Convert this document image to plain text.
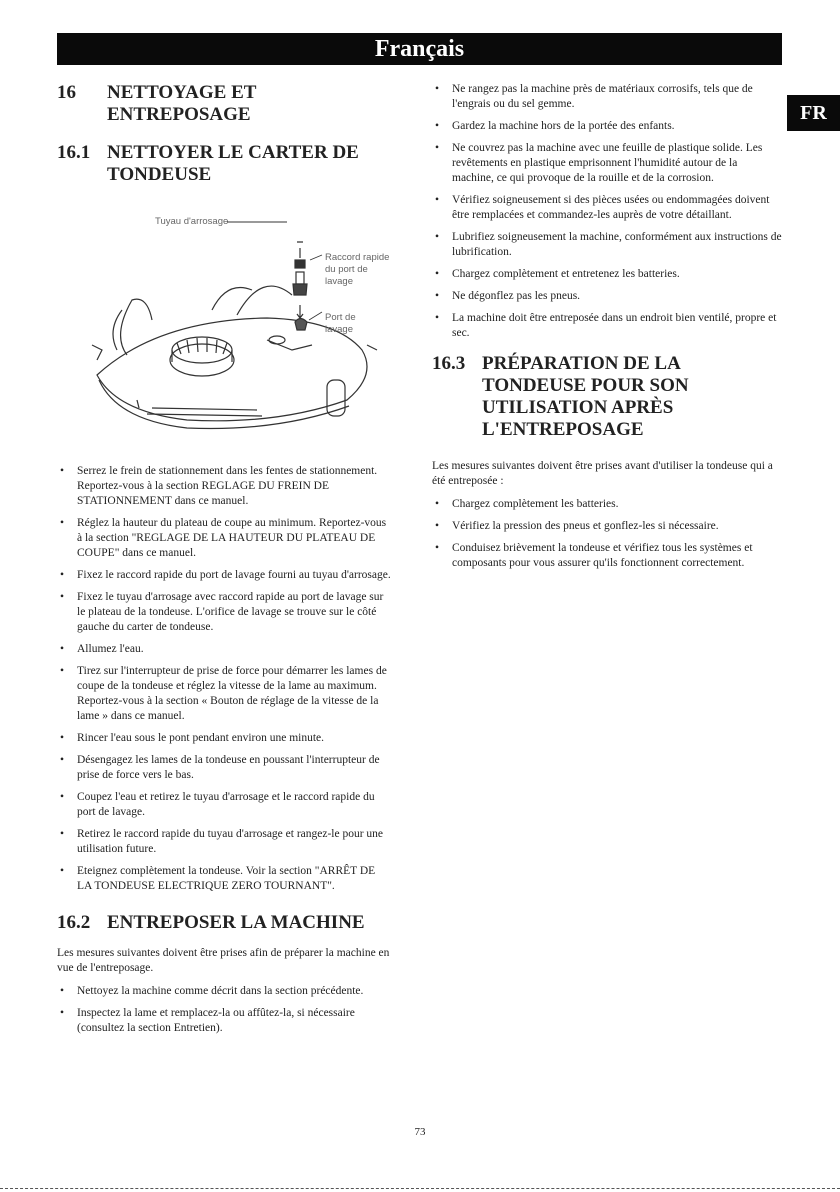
Français
FR
16	NETTOYAGE ET ENTREPOSAGE
16.1 NETTOYER LE CARTER DE TONDEUSE
Tuyau d'arrosage
Raccord rapide du port de lavage
Port de lavage
• Serrez le frein de stationnement dans les fentes de stationnement. Reportez-vous à la section REGLAGE DU FREIN DE STATIONNEMENT dans ce manuel.
• Réglez la hauteur du plateau de coupe au minimum. Reportez-vous à la section "REGLAGE DE LA HAUTEUR DU PLATEAU DE COUPE" dans ce manuel.
• Fixez le raccord rapide du port de lavage fourni au tuyau d'arrosage.
• Fixez le tuyau d'arrosage avec raccord rapide au port de lavage sur le plateau de la tondeuse. L'orifice de lavage se trouve sur le côté gauche du carter de tondeuse.
• Allumez l'eau.
• Tirez sur l'interrupteur de prise de force pour démarrer les lames de coupe de la tondeuse et réglez la vitesse de la lame au maximum. Reportez-vous à la section « Bouton de réglage de la vitesse de la lame » dans ce manuel.
• Rincer l'eau sous le pont pendant environ une minute.
• Désengagez les lames de la tondeuse en poussant l'interrupteur de prise de force vers le bas.
• Coupez l'eau et retirez le tuyau d'arrosage et le raccord rapide du port de lavage.
• Retirez le raccord rapide du tuyau d'arrosage et rangez-le pour une utilisation future.
• Eteignez complètement la tondeuse. Voir la section "ARRÊT DE LA TONDEUSE ELECTRIQUE ZERO TOURNANT".
16.2 ENTREPOSER LA MACHINE

Les mesures suivantes doivent être prises afin de préparer la machine en vue de l'entreposage.

• Nettoyez la machine comme décrit dans la section précédente.
• Inspectez la lame et remplacez-la ou affûtez-la, si nécessaire (consultez la section Entretien).
• Ne rangez pas la machine près de matériaux corrosifs, tels que de l'engrais ou du sel gemme.
• Gardez la machine hors de la portée des enfants.
• Ne couvrez pas la machine avec une feuille de plastique solide. Les revêtements en plastique emprisonnent l'humidité autour de la machine, ce qui provoque de la rouille et de la corrosion.
• Vérifiez soigneusement si des pièces usées ou endommagées doivent être remplacées et commandez-les auprès de votre détaillant.
• Lubrifiez soigneusement la machine, conformément aux instructions de lubrification.
• Chargez complètement et entretenez les batteries.
• Ne dégonflez pas les pneus.
• La machine doit être entreposée dans un endroit bien ventilé, propre et sec.
16.3 PRÉPARATION DE LA TONDEUSE POUR SON UTILISATION APRÈS L'ENTREPOSAGE

Les mesures suivantes doivent être prises avant d'utiliser la tondeuse qui a été entreposée :

• Chargez complètement les batteries.
• Vérifiez la pression des pneus et gonflez-les si nécessaire.
• Conduisez brièvement la tondeuse et vérifiez tous les systèmes et composants pour vous assurer qu'ils fonctionnent correctement.
73
